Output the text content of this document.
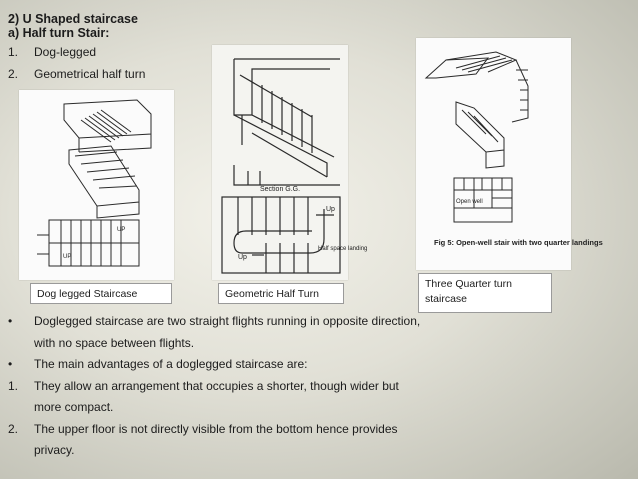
2) U Shaped staircase
a) Half turn Stair:
1. Dog-legged
2. Geometrical half turn
UP
UP
Section G.G.
Up
Up
Half space landing
Open well
Fig 5: Open-well stair with two quarter landings
Dog legged Staircase	Geometric Half Turn
Three Quarter turn staircase
• Doglegged staircase are two straight flights running in opposite direction, with no space between flights.
• The main advantages of a doglegged staircase are:
1. They allow an arrangement that occupies a shorter, though wider but more compact.
2. The upper floor is not directly visible from the bottom hence provides privacy.
